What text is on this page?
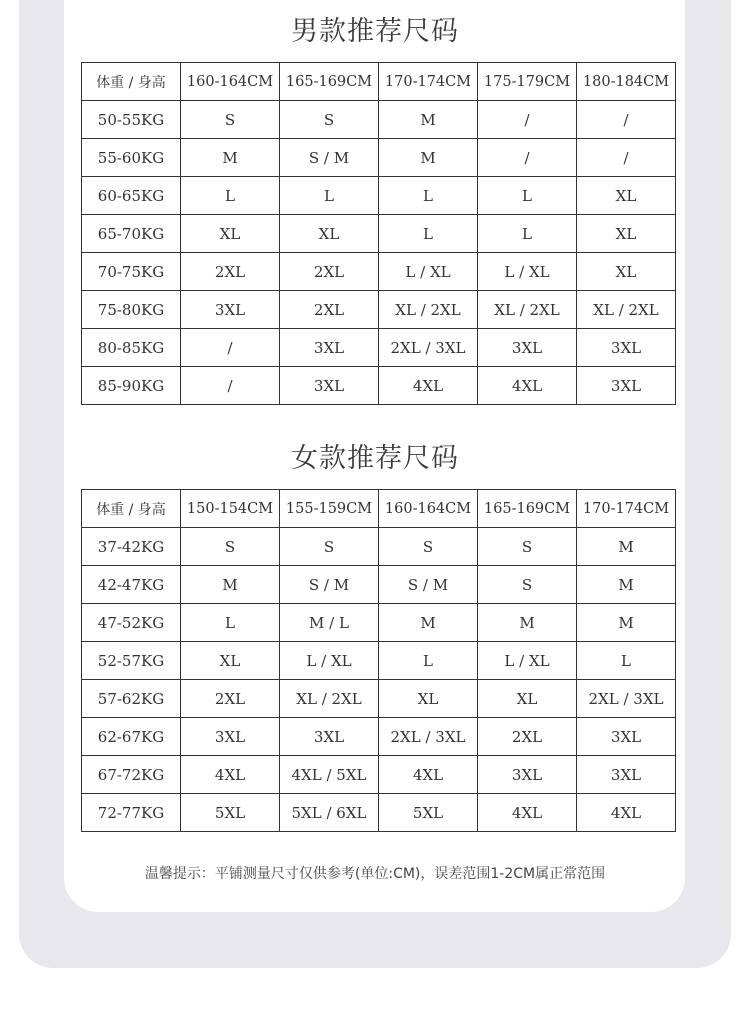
男款推荐尺码
体重 / 身高	160-164CM	165-169CM	170-174CM	175-179CM	180-184CM
50-55KG	S	S	M	/	/
55-60KG	M	S / M	M	/	/
60-65KG	L	L	L	L	XL
65-70KG	XL	XL	L	L	XL
70-75KG	2XL	2XL	L / XL	L / XL	XL
75-80KG	3XL	2XL	XL / 2XL	XL / 2XL	XL / 2XL
80-85KG	/	3XL	2XL / 3XL	3XL	3XL
85-90KG	/	3XL	4XL	4XL	3XL
女款推荐尺码
体重 / 身高	150-154CM	155-159CM	160-164CM	165-169CM	170-174CM
37-42KG	S	S	S	S	M
42-47KG	M	S / M	S / M	S	M
47-52KG	L	M / L	M	M	M
52-57KG	XL	L / XL	L	L / XL	L
57-62KG	2XL	XL / 2XL	XL	XL	2XL / 3XL
62-67KG	3XL	3XL	2XL / 3XL	2XL	3XL
67-72KG	4XL	4XL / 5XL	4XL	3XL	3XL
72-77KG	5XL	5XL / 6XL	5XL	4XL	4XL
温馨提示：平铺测量尺寸仅供参考(单位:CM)，误差范围1-2CM属正常范围
